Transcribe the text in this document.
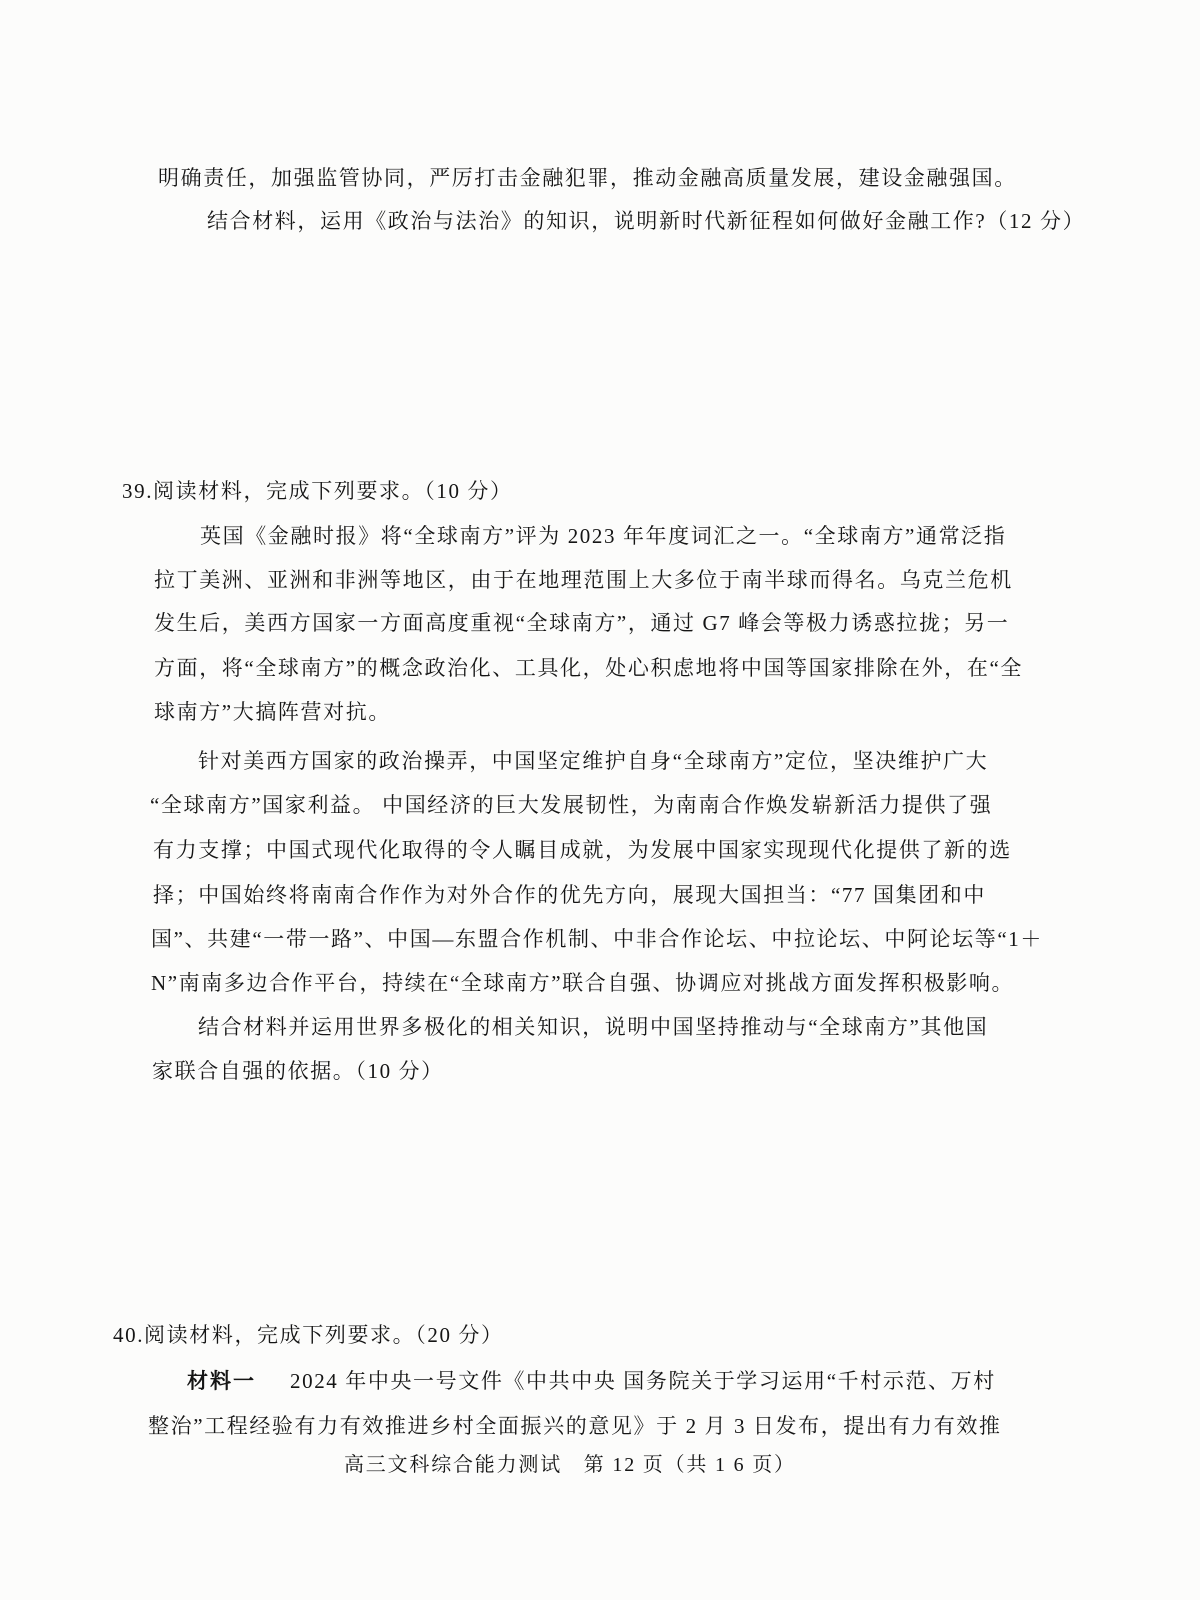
明确责任，加强监管协同，严厉打击金融犯罪，推动金融高质量发展，建设金融强国。
结合材料，运用《政治与法治》的知识，说明新时代新征程如何做好金融工作?（12 分）
39.阅读材料，完成下列要求。（10 分）
英国《金融时报》将“全球南方”评为 2023 年年度词汇之一。“全球南方”通常泛指
拉丁美洲、亚洲和非洲等地区，由于在地理范围上大多位于南半球而得名。乌克兰危机
发生后，美西方国家一方面高度重视“全球南方”，通过 G7 峰会等极力诱惑拉拢；另一
方面，将“全球南方”的概念政治化、工具化，处心积虑地将中国等国家排除在外，在“全
球南方”大搞阵营对抗。
针对美西方国家的政治操弄，中国坚定维护自身“全球南方”定位，坚决维护广大
“全球南方”国家利益。 中国经济的巨大发展韧性，为南南合作焕发崭新活力提供了强
有力支撑；中国式现代化取得的令人瞩目成就，为发展中国家实现现代化提供了新的选
择；中国始终将南南合作作为对外合作的优先方向，展现大国担当：“77 国集团和中
国”、共建“一带一路”、中国—东盟合作机制、中非合作论坛、中拉论坛、中阿论坛等“1＋
N”南南多边合作平台，持续在“全球南方”联合自强、协调应对挑战方面发挥积极影响。
结合材料并运用世界多极化的相关知识，说明中国坚持推动与“全球南方”其他国
家联合自强的依据。（10 分）
40.阅读材料，完成下列要求。（20 分）
材料一 2024 年中央一号文件《中共中央 国务院关于学习运用“千村示范、万村
整治”工程经验有力有效推进乡村全面振兴的意见》于 2 月 3 日发布，提出有力有效推
高三文科综合能力测试　第 12 页（共 1 6 页）
